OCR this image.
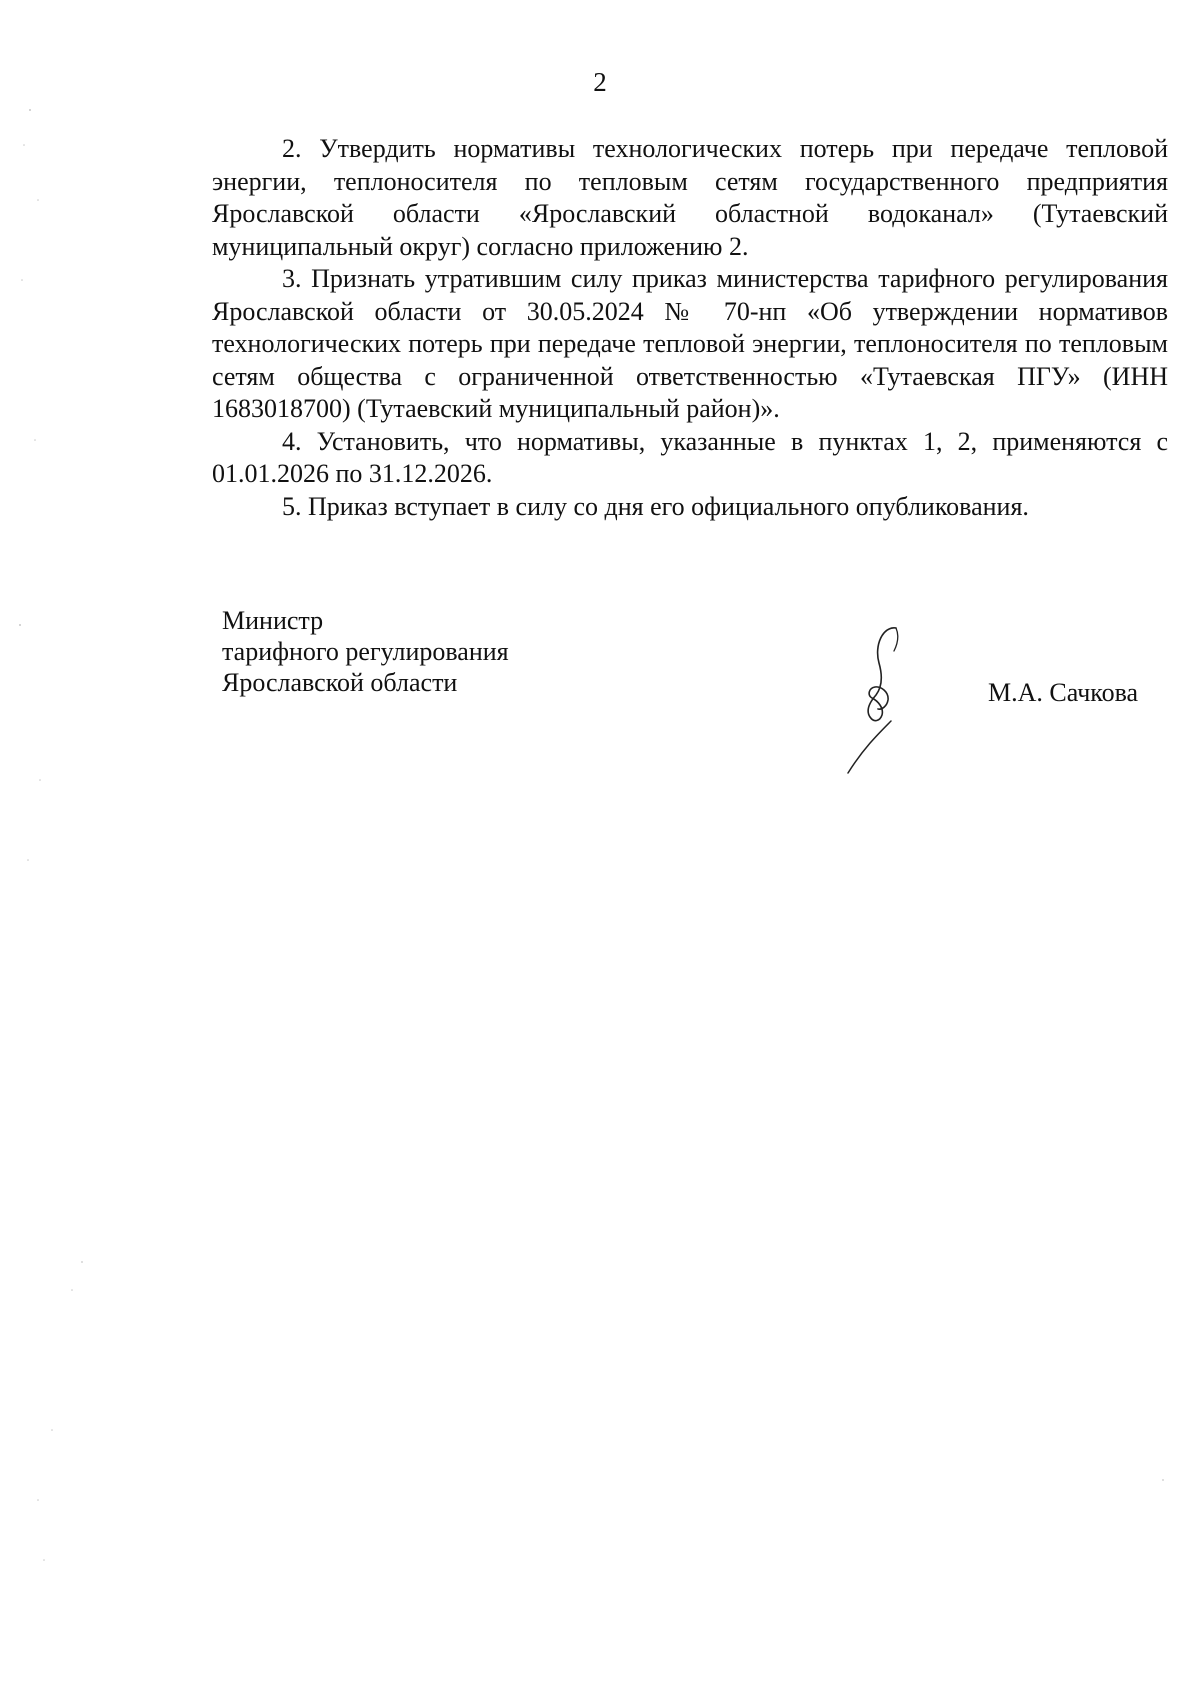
2

2. Утвердить нормативы технологических потерь при передаче тепловой энергии, теплоносителя по тепловым сетям государственного предприятия Ярославской области «Ярославский областной водоканал» (Тутаевский муниципальный округ) согласно приложению 2.

3. Признать утратившим силу приказ министерства тарифного регулирования Ярославской области от 30.05.2024 № 70-нп «Об утверждении нормативов технологических потерь при передаче тепловой энергии, теплоносителя по тепловым сетям общества с ограниченной ответственностью «Тутаевская ПГУ» (ИНН 1683018700) (Тутаевский муниципальный район)».

4. Установить, что нормативы, указанные в пунктах 1, 2, применяются с 01.01.2026 по 31.12.2026.

5. Приказ вступает в силу со дня его официального опубликования.

Министр
тарифного регулирования
Ярославской области	М.А. Сачкова
